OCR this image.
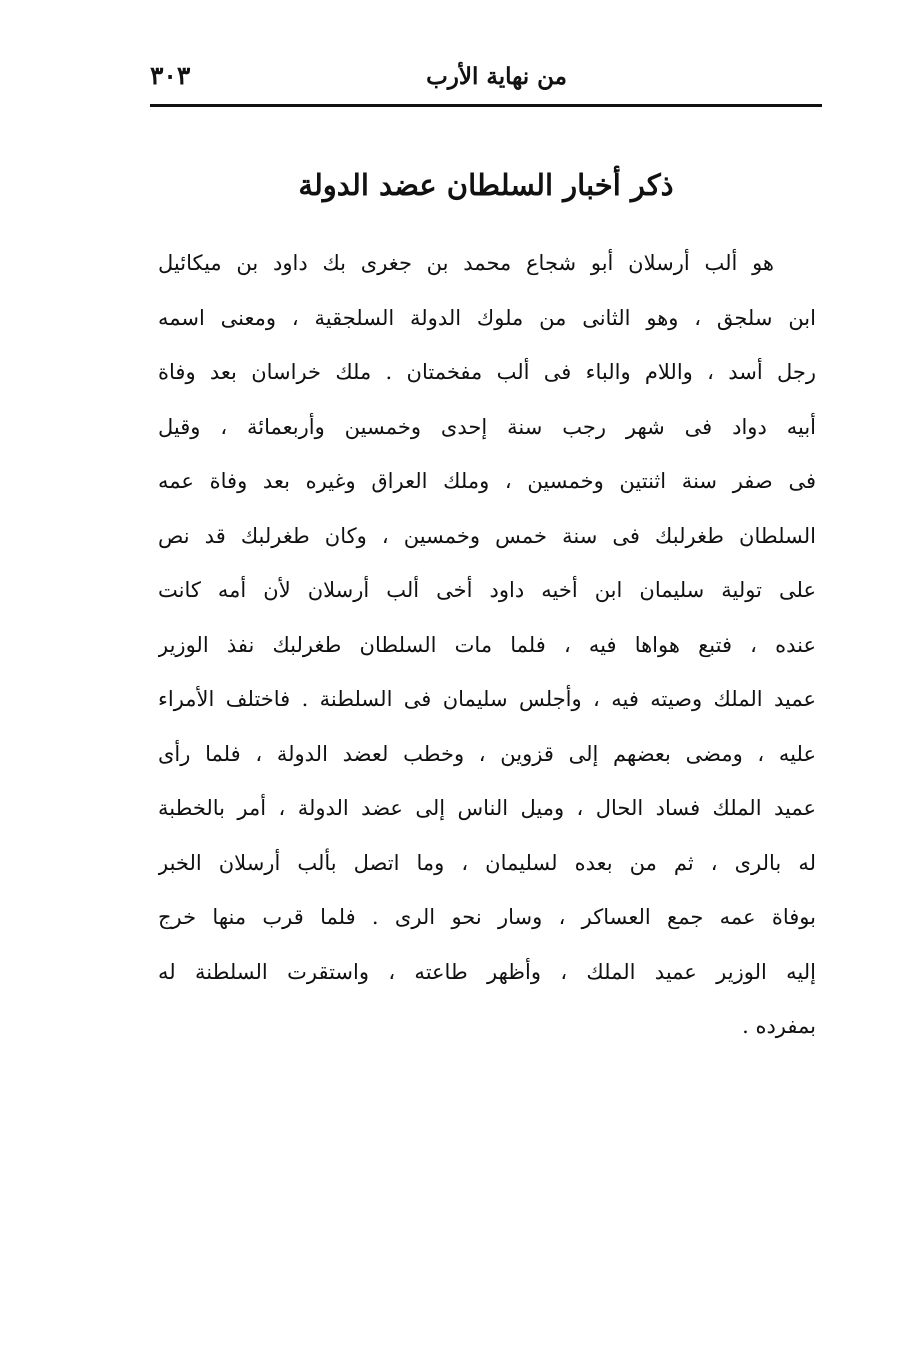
من نهاية الأرب
٣٠٣
ذكر أخبار السلطان عضد الدولة
هو ألب أرسلان أبو شجاع محمد بن جغرى بك داود بن ميكائيل
ابن سلجق ، وهو الثانى من ملوك الدولة السلجقية ، ومعنى اسمه
رجل أسد ، واللام والباء فى ألب مفخمتان . ملك خراسان بعد وفاة
أبيه دواد فى شهر رجب سنة إحدى وخمسين وأربعمائة ، وقيل
فى صفر سنة اثنتين وخمسين ، وملك العراق وغيره بعد وفاة عمه
السلطان طغرلبك فى سنة خمس وخمسين ، وكان طغرلبك قد نص
على تولية سليمان ابن أخيه داود أخى ألب أرسلان لأن أمه كانت
عنده ، فتبع هواها فيه ، فلما مات السلطان طغرلبك نفذ الوزير
عميد الملك وصيته فيه ، وأجلس سليمان فى السلطنة . فاختلف الأمراء
عليه ، ومضى بعضهم إلى قزوين ، وخطب لعضد الدولة ، فلما رأى
عميد الملك فساد الحال ، وميل الناس إلى عضد الدولة ، أمر بالخطبة
له بالرى ، ثم من بعده لسليمان ، وما اتصل بألب أرسلان الخبر
بوفاة عمه جمع العساكر ، وسار نحو الرى . فلما قرب منها خرج
إليه الوزير عميد الملك ، وأظهر طاعته ، واستقرت السلطنة له
بمفرده .
